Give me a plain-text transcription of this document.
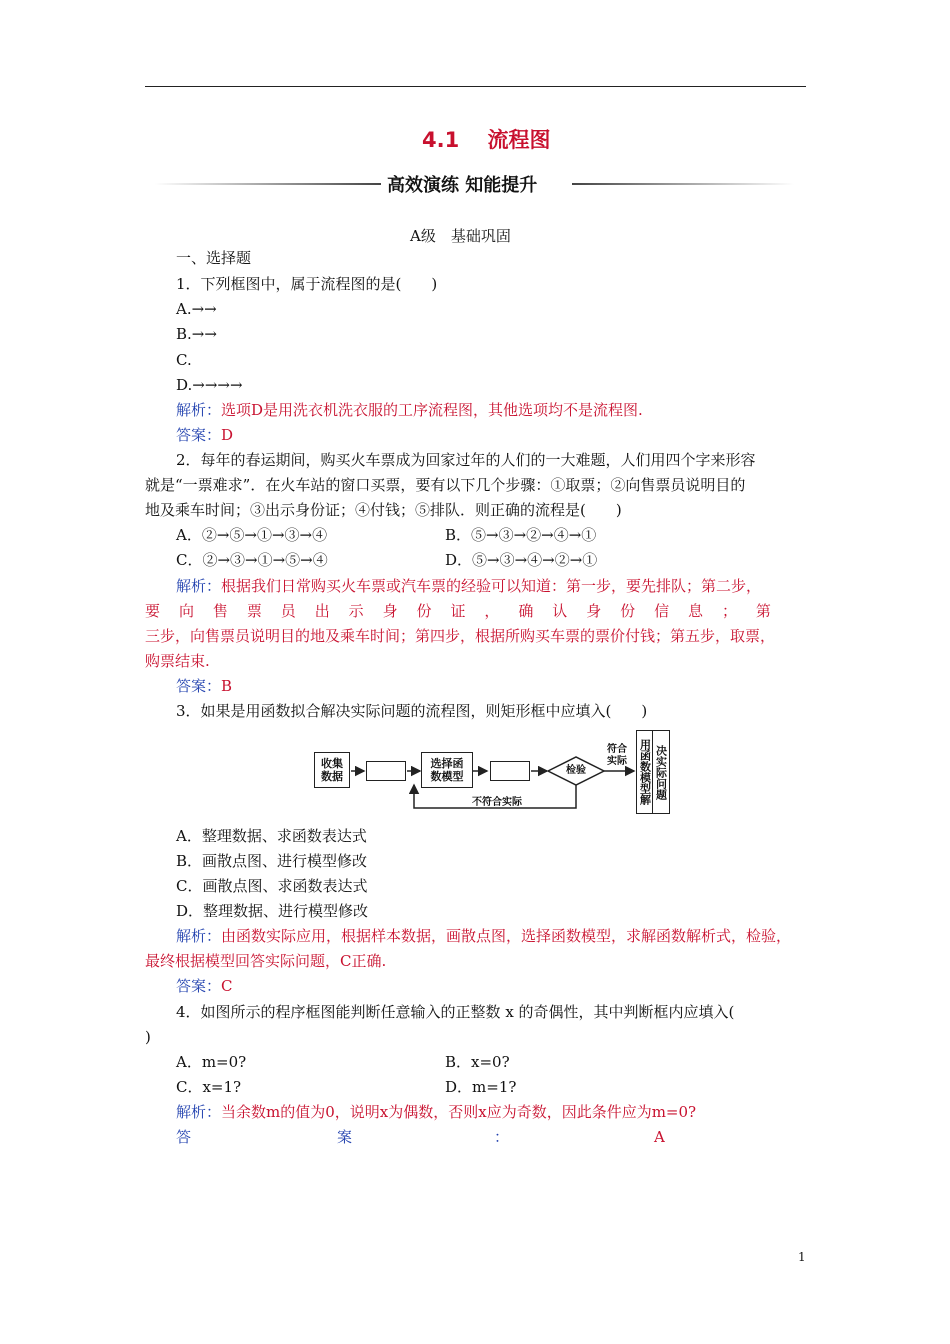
4.1　 流程图
高效演练 知能提升
A级　基础巩固
一、选择题
1．下列框图中，属于流程图的是(　　)
A.→→
B.→→
C.
D.→→→→
解析：选项D是用洗衣机洗衣服的工序流程图，其他选项均不是流程图.
答案：D
2．每年的春运期间，购买火车票成为回家过年的人们的一大难题，人们用四个字来形容
就是“一票难求”．在火车站的窗口买票，要有以下几个步骤：①取票；②向售票员说明目的
地及乘车时间；③出示身份证；④付钱；⑤排队．则正确的流程是(　　)
A．②→⑤→①→③→④	B．⑤→③→②→④→①
C．②→③→①→⑤→④	D．⑤→③→④→②→①
解析：根据我们日常购买火车票或汽车票的经验可以知道：第一步，要先排队；第二步，
要 向 售 票 员 出 示 身 份 证 ， 确 认 身 份 信 息 ； 第
三步，向售票员说明目的地及乘车时间；第四步，根据所购买车票的票价付钱；第五步，取票，
购票结束.
答案：B
3．如果是用函数拟合解决实际问题的流程图，则矩形框中应填入(　　)
收集
数据
选择函
数模型	检验
符合
实际
不符合实际	用函数模型解 决实际问题
A．整理数据、求函数表达式
B．画散点图、进行模型修改
C．画散点图、求函数表达式
D．整理数据、进行模型修改
解析：由函数实际应用，根据样本数据，画散点图，选择函数模型，求解函数解析式，检验，
最终根据模型回答实际问题，C正确.
答案：C
4．如图所示的程序框图能判断任意输入的正整数 x 的奇偶性，其中判断框内应填入(
)
A．m=0?	B．x=0?
C．x=1?	D．m=1?
解析：当余数m的值为0，说明x为偶数，否则x应为奇数，因此条件应为m=0?
答	案	：	A
1
